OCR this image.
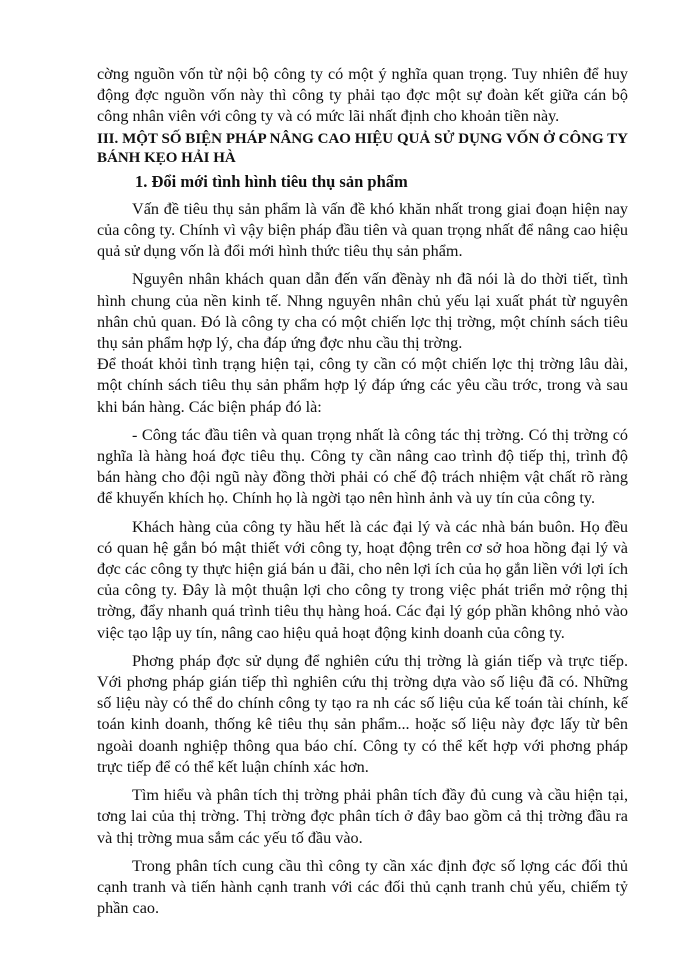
cờng nguồn vốn từ nội bộ công ty có một ý nghĩa quan trọng. Tuy nhiên để huy động đợc nguồn vốn này thì công ty phải tạo đợc một sự đoàn kết giữa cán bộ công nhân viên với công ty và có mức lãi nhất định cho khoản tiền này.

III. MỘT SỐ BIỆN PHÁP NÂNG CAO HIỆU QUẢ SỬ DỤNG VỐN Ở CÔNG TY BÁNH KẸO HẢI HÀ

1. Đổi mới tình hình tiêu thụ sản phẩm

Vấn đề tiêu thụ sản phẩm là vấn đề khó khăn nhất trong giai đoạn hiện nay của công ty. Chính vì vậy biện pháp đầu tiên và quan trọng nhất để nâng cao hiệu quả sử dụng vốn là đổi mới hình thức tiêu thụ sản phẩm.

Nguyên nhân khách quan dẫn đến vấn đềnày nh đã nói là do thời tiết, tình hình chung của nền kinh tế. Nhng nguyên nhân chủ yếu lại xuất phát từ nguyên nhân chủ quan. Đó là công ty cha có một chiến lợc thị trờng, một chính sách tiêu thụ sản phẩm hợp lý, cha đáp ứng đợc nhu cầu thị trờng.

Để thoát khỏi tình trạng hiện tại, công ty cần có một chiến lợc thị trờng lâu dài, một chính sách tiêu thụ sản phẩm hợp lý đáp ứng các yêu cầu trớc, trong và sau khi bán hàng. Các biện pháp đó là:

- Công tác đầu tiên và quan trọng nhất là công tác thị trờng. Có thị trờng có nghĩa là hàng hoá đợc tiêu thụ. Công ty cần nâng cao trình độ tiếp thị, trình độ bán hàng cho đội ngũ này đồng thời phải có chế độ trách nhiệm vật chất rõ ràng để khuyến khích họ. Chính họ là ngời tạo nên hình ảnh và uy tín của công ty.

Khách hàng của công ty hầu hết là các đại lý và các nhà bán buôn. Họ đều có quan hệ gắn bó mật thiết với công ty, hoạt động trên cơ sở hoa hồng đại lý và đợc các công ty thực hiện giá bán u đãi, cho nên lợi ích của họ gắn liền với lợi ích của công ty. Đây là một thuận lợi cho công ty trong việc phát triển mở rộng thị trờng, đẩy nhanh quá trình tiêu thụ hàng hoá. Các đại lý góp phần không nhỏ vào việc tạo lập uy tín, nâng cao hiệu quả hoạt động kinh doanh của công ty.

Phơng pháp đợc sử dụng để nghiên cứu thị trờng là gián tiếp và trực tiếp. Với phơng pháp gián tiếp thì nghiên cứu thị trờng dựa vào số liệu đã có. Những số liệu này có thể do chính công ty tạo ra nh các số liệu của kế toán tài chính, kế toán kinh doanh, thống kê tiêu thụ sản phẩm... hoặc số liệu này đợc lấy từ bên ngoài doanh nghiệp thông qua báo chí. Công ty có thể kết hợp với phơng pháp trực tiếp để có thể kết luận chính xác hơn.

Tìm hiểu và phân tích thị trờng phải phân tích đầy đủ cung và cầu hiện tại, tơng lai của thị trờng. Thị trờng đợc phân tích ở đây bao gồm cả thị trờng đầu ra và thị trờng mua sắm các yếu tố đầu vào.

Trong phân tích cung cầu thì công ty cần xác định đợc số lợng các đối thủ cạnh tranh và tiến hành cạnh tranh với các đối thủ cạnh tranh chủ yếu, chiếm tỷ phần cao.
